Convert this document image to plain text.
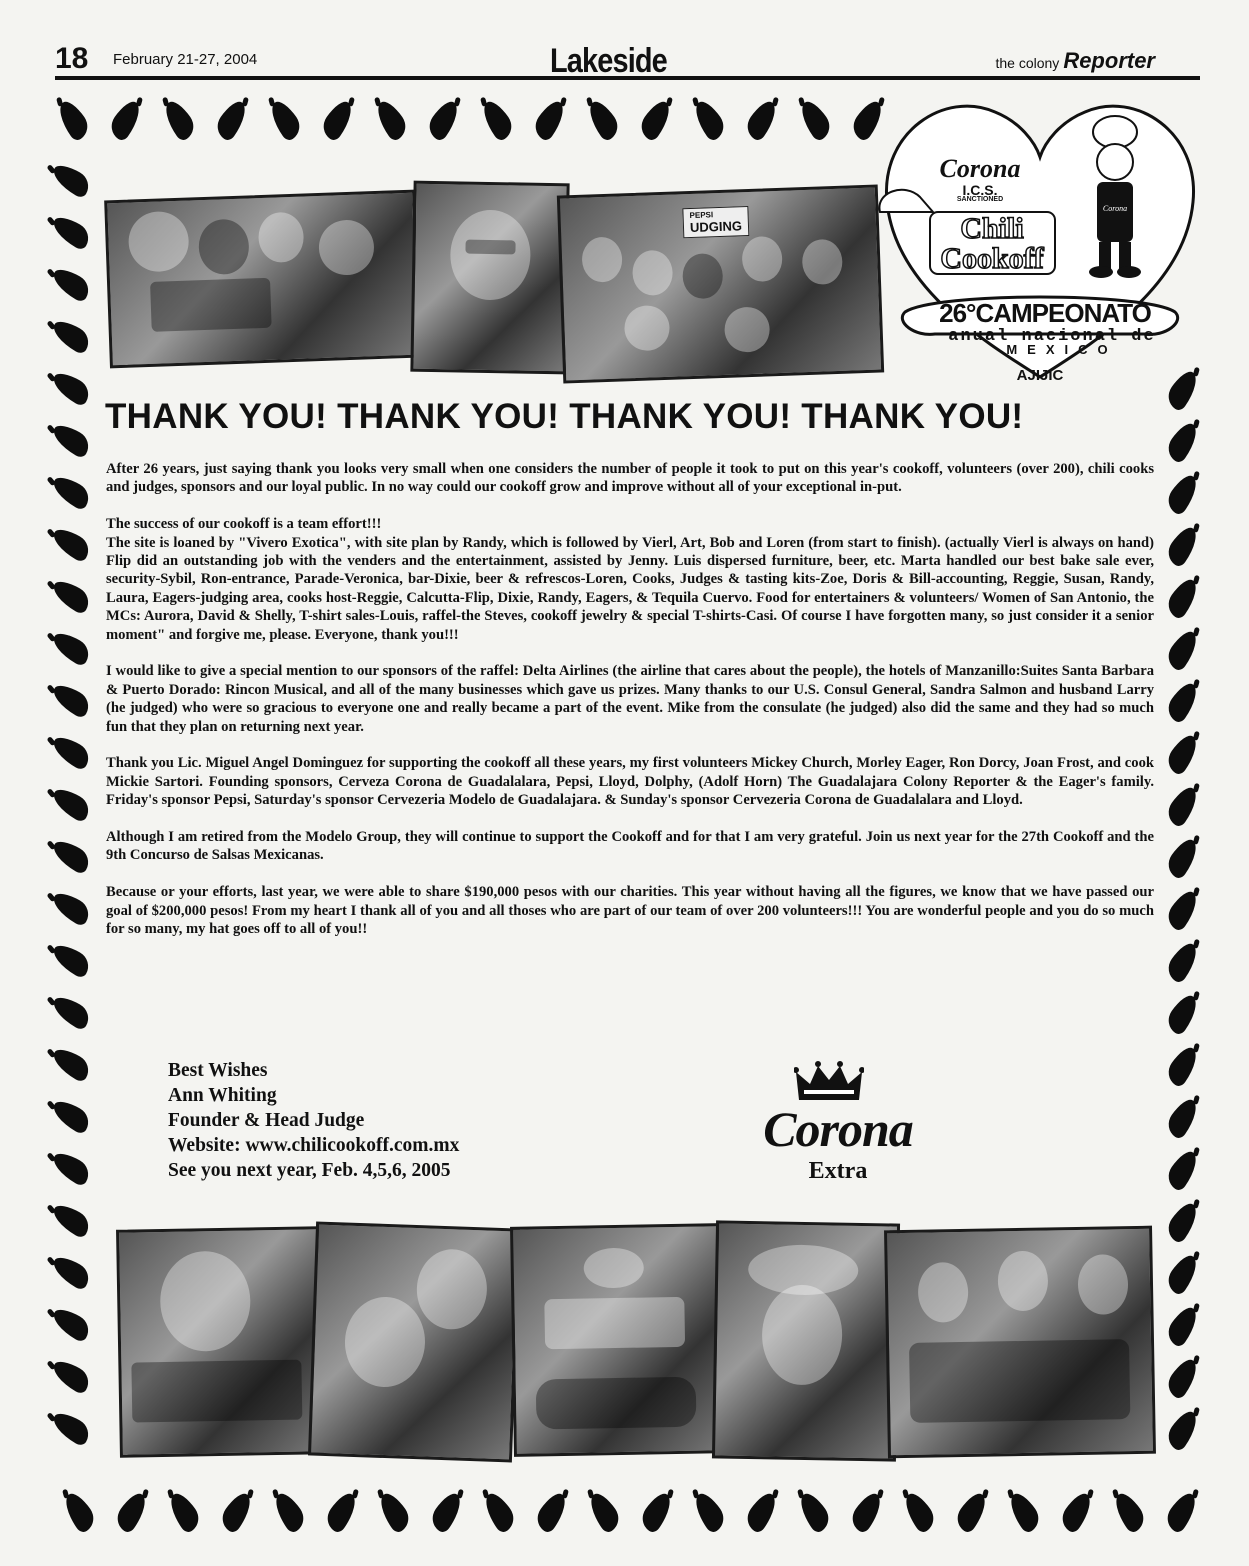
18 February 21-27, 2004	Lakeside	the colony Reporter
PEPSI
UDGING
Corona
I.C.S.
SANCTIONED
Chili
Cookoff
Corona
26°CAMPEONATO
anual nacional de
MEXICO
AJIJIC
THANK YOU! THANK YOU! THANK YOU! THANK YOU!

After 26 years, just saying thank you looks very small when one considers the number of people it took to put on this year's cookoff, volunteers (over 200), chili cooks and judges, sponsors and our loyal public. In no way could our cookoff grow and improve without all of your exceptional in-put.

The success of our cookoff is a team effort!!!

The site is loaned by "Vivero Exotica", with site plan by Randy, which is followed by Vierl, Art, Bob and Loren (from start to finish). (actually Vierl is always on hand) Flip did an outstanding job with the venders and the entertainment, assisted by Jenny. Luis dispersed furniture, beer, etc. Marta handled our best bake sale ever, security-Sybil, Ron-entrance, Parade-Veronica, bar-Dixie, beer & refrescos-Loren, Cooks, Judges & tasting kits-Zoe, Doris & Bill-accounting, Reggie, Susan, Randy, Laura, Eagers-judging area, cooks host-Reggie, Calcutta-Flip, Dixie, Randy, Eagers, & Tequila Cuervo. Food for entertainers & volunteers/ Women of San Antonio, the MCs: Aurora, David & Shelly, T-shirt sales-Louis, raffel-the Steves, cookoff jewelry & special T-shirts-Casi. Of course I have forgotten many, so just consider it a senior moment" and forgive me, please. Everyone, thank you!!!

I would like to give a special mention to our sponsors of the raffel: Delta Airlines (the airline that cares about the people), the hotels of Manzanillo:Suites Santa Barbara & Puerto Dorado: Rincon Musical, and all of the many businesses which gave us prizes. Many thanks to our U.S. Consul General, Sandra Salmon and husband Larry (he judged) who were so gracious to everyone one and really became a part of the event. Mike from the consulate (he judged) also did the same and they had so much fun that they plan on returning next year.

Thank you Lic. Miguel Angel Dominguez for supporting the cookoff all these years, my first volunteers Mickey Church, Morley Eager, Ron Dorcy, Joan Frost, and cook Mickie Sartori. Founding sponsors, Cerveza Corona de Guadalalara, Pepsi, Lloyd, Dolphy, (Adolf Horn) The Guadalajara Colony Reporter & the Eager's family. Friday's sponsor Pepsi, Saturday's sponsor Cervezeria Modelo de Guadalajara. & Sunday's sponsor Cervezeria Corona de Guadalalara and Lloyd.

Although I am retired from the Modelo Group, they will continue to support the Cookoff and for that I am very grateful. Join us next year for the 27th Cookoff and the 9th Concurso de Salsas Mexicanas.

Because or your efforts, last year, we were able to share $190,000 pesos with our charities. This year without having all the figures, we know that we have passed our goal of $200,000 pesos! From my heart I thank all of you and all thoses who are part of our team of over 200 volunteers!!! You are wonderful people and you do so much for so many, my hat goes off to all of you!!

Best Wishes
Ann Whiting
Founder & Head Judge
Website: www.chilicookoff.com.mx
See you next year, Feb. 4,5,6, 2005
Corona
Extra
